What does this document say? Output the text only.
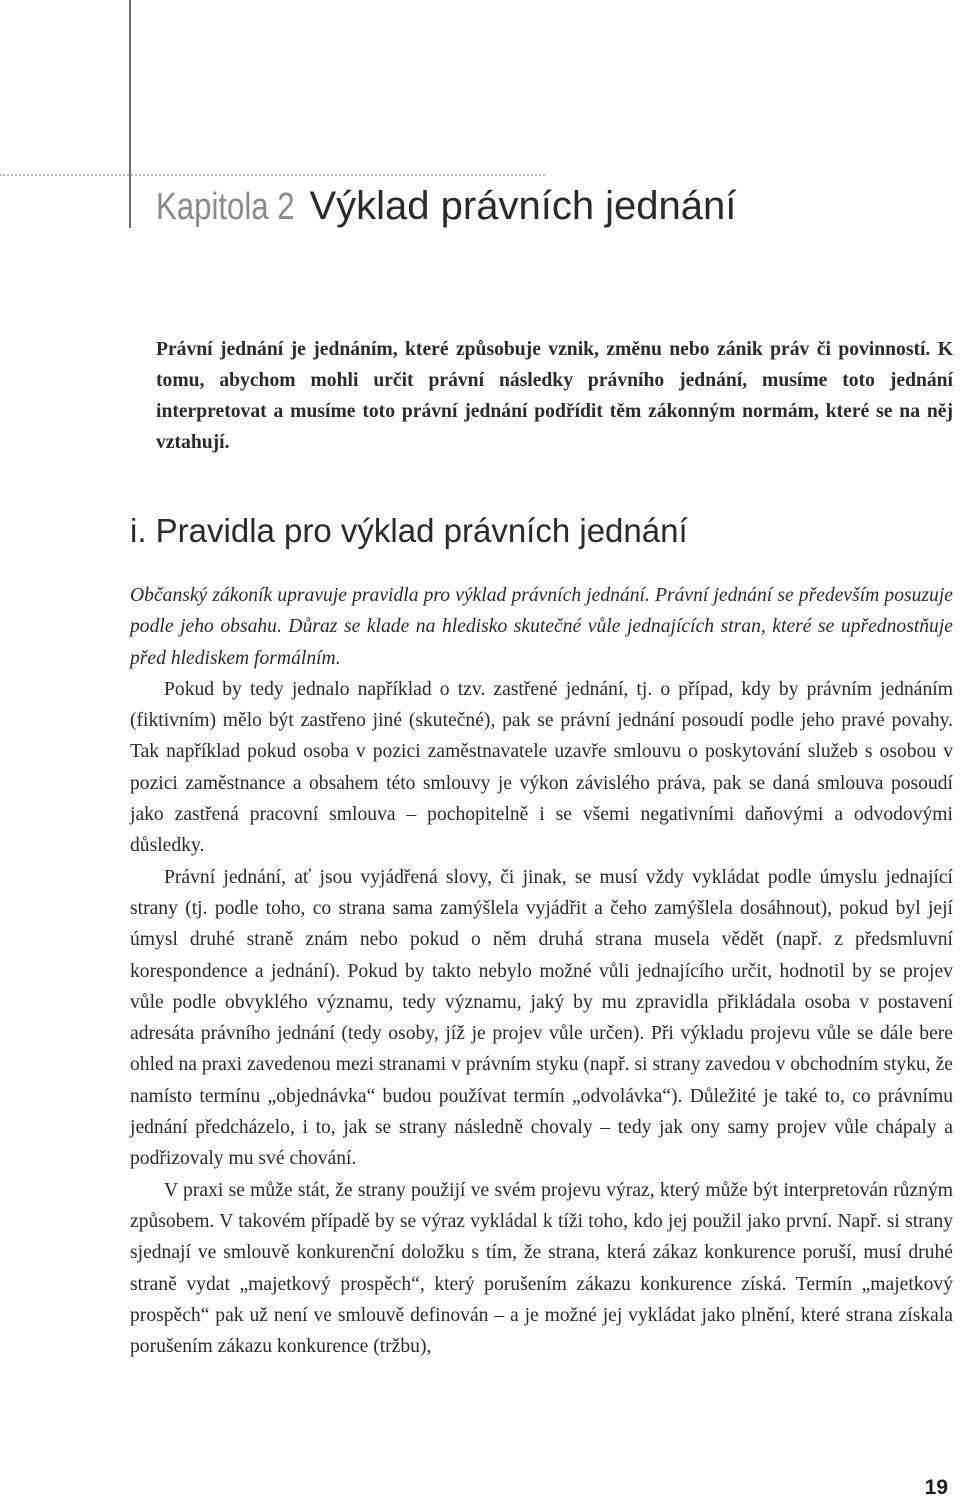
Kapitola 2 Výklad právních jednání

Právní jednání je jednáním, které způsobuje vznik, změnu nebo zánik práv či povinností. K tomu, abychom mohli určit právní následky právního jednání, musíme toto jednání interpretovat a musíme toto právní jednání podřídit těm zákonným normám, které se na něj vztahují.

i. Pravidla pro výklad právních jednání

Občanský zákoník upravuje pravidla pro výklad právních jednání. Právní jednání se především posuzuje podle jeho obsahu. Důraz se klade na hledisko skutečné vůle jednajících stran, které se upřednostňuje před hlediskem formálním.

Pokud by tedy jednalo například o tzv. zastřené jednání, tj. o případ, kdy by právním jednáním (fiktivním) mělo být zastřeno jiné (skutečné), pak se právní jednání posoudí podle jeho pravé povahy. Tak například pokud osoba v pozici zaměstnavatele uzavře smlouvu o poskytování služeb s osobou v pozici zaměstnance a obsahem této smlouvy je výkon závislého práva, pak se daná smlouva posoudí jako zastřená pracovní smlouva – pochopitelně i se všemi negativními daňovými a odvodovými důsledky.

Právní jednání, ať jsou vyjádřená slovy, či jinak, se musí vždy vykládat podle úmyslu jednající strany (tj. podle toho, co strana sama zamýšlela vyjádřit a čeho zamýšlela dosáhnout), pokud byl její úmysl druhé straně znám nebo pokud o něm druhá strana musela vědět (např. z předsmluvní korespondence a jednání). Pokud by takto nebylo možné vůli jednajícího určit, hodnotil by se projev vůle podle obvyklého významu, tedy významu, jaký by mu zpravidla přikládala osoba v postavení adresáta právního jednání (tedy osoby, jíž je projev vůle určen). Při výkladu projevu vůle se dále bere ohled na praxi zavedenou mezi stranami v právním styku (např. si strany zavedou v obchodním styku, že namísto termínu „objednávka“ budou používat termín „odvolávka“). Důležité je také to, co právnímu jednání předcházelo, i to, jak se strany následně chovaly – tedy jak ony samy projev vůle chápaly a podřizovaly mu své chování.

V praxi se může stát, že strany použijí ve svém projevu výraz, který může být interpretován různým způsobem. V takovém případě by se výraz vykládal k tíži toho, kdo jej použil jako první. Např. si strany sjednají ve smlouvě konkurenční doložku s tím, že strana, která zákaz konkurence poruší, musí druhé straně vydat „majetkový prospěch“, který porušením zákazu konkurence získá. Termín „majetkový prospěch“ pak už není ve smlouvě definován – a je možné jej vykládat jako plnění, které strana získala porušením zákazu konkurence (tržbu),

19
